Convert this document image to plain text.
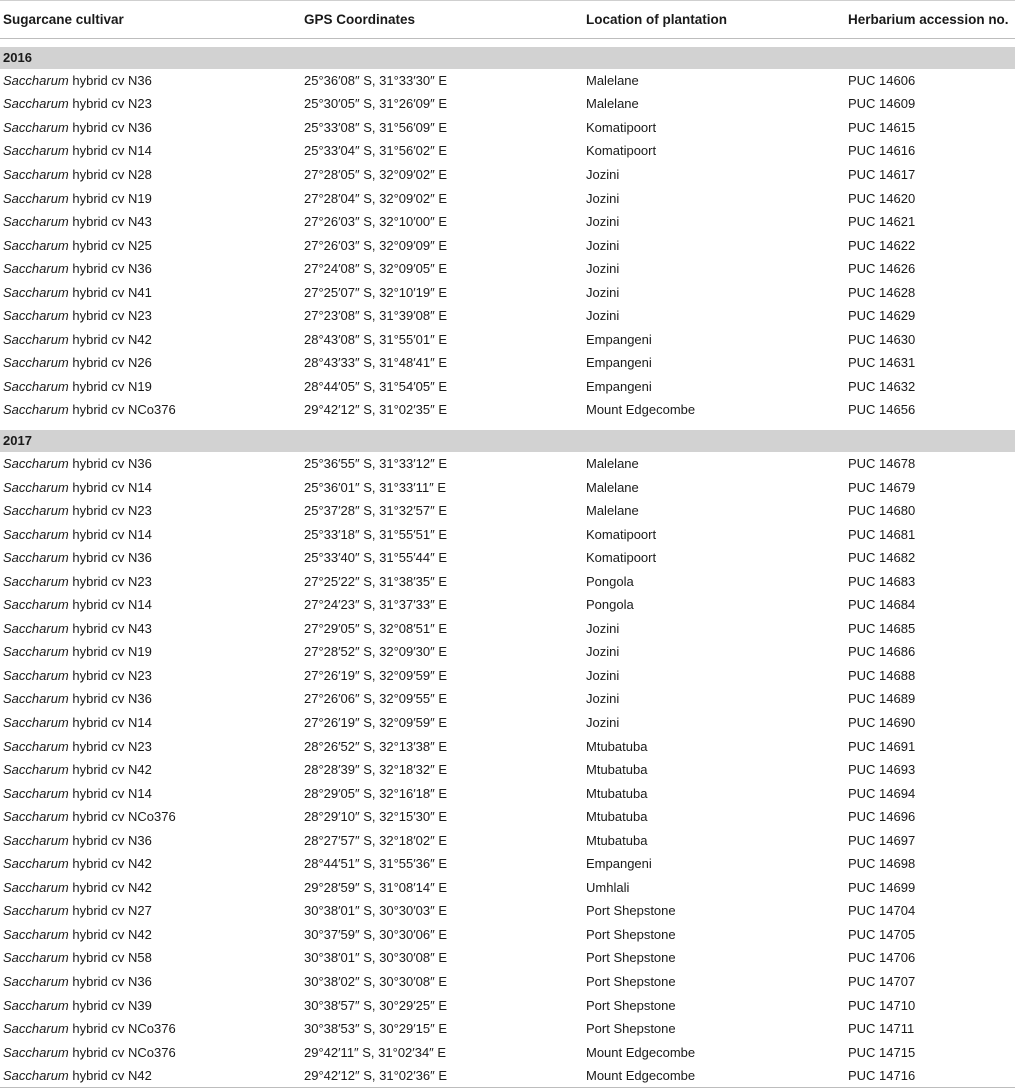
Sugarcane cultivar	GPS Coordinates	Location of plantation	Herbarium accession no.

2016			
Saccharum hybrid cv N36	25°36′08″ S, 31°33′30″ E	Malelane	PUC 14606
Saccharum hybrid cv N23	25°30′05″ S, 31°26′09″ E	Malelane	PUC 14609
Saccharum hybrid cv N36	25°33′08″ S, 31°56′09″ E	Komatipoort	PUC 14615
Saccharum hybrid cv N14	25°33′04″ S, 31°56′02″ E	Komatipoort	PUC 14616
Saccharum hybrid cv N28	27°28′05″ S, 32°09′02″ E	Jozini	PUC 14617
Saccharum hybrid cv N19	27°28′04″ S, 32°09′02″ E	Jozini	PUC 14620
Saccharum hybrid cv N43	27°26′03″ S, 32°10′00″ E	Jozini	PUC 14621
Saccharum hybrid cv N25	27°26′03″ S, 32°09′09″ E	Jozini	PUC 14622
Saccharum hybrid cv N36	27°24′08″ S, 32°09′05″ E	Jozini	PUC 14626
Saccharum hybrid cv N41	27°25′07″ S, 32°10′19″ E	Jozini	PUC 14628
Saccharum hybrid cv N23	27°23′08″ S, 31°39′08″ E	Jozini	PUC 14629
Saccharum hybrid cv N42	28°43′08″ S, 31°55′01″ E	Empangeni	PUC 14630
Saccharum hybrid cv N26	28°43′33″ S, 31°48′41″ E	Empangeni	PUC 14631
Saccharum hybrid cv N19	28°44′05″ S, 31°54′05″ E	Empangeni	PUC 14632
Saccharum hybrid cv NCo376	29°42′12″ S, 31°02′35″ E	Mount Edgecombe	PUC 14656

2017			
Saccharum hybrid cv N36	25°36′55″ S, 31°33′12″ E	Malelane	PUC 14678
Saccharum hybrid cv N14	25°36′01″ S, 31°33′11″ E	Malelane	PUC 14679
Saccharum hybrid cv N23	25°37′28″ S, 31°32′57″ E	Malelane	PUC 14680
Saccharum hybrid cv N14	25°33′18″ S, 31°55′51″ E	Komatipoort	PUC 14681
Saccharum hybrid cv N36	25°33′40″ S, 31°55′44″ E	Komatipoort	PUC 14682
Saccharum hybrid cv N23	27°25′22″ S, 31°38′35″ E	Pongola	PUC 14683
Saccharum hybrid cv N14	27°24′23″ S, 31°37′33″ E	Pongola	PUC 14684
Saccharum hybrid cv N43	27°29′05″ S, 32°08′51″ E	Jozini	PUC 14685
Saccharum hybrid cv N19	27°28′52″ S, 32°09′30″ E	Jozini	PUC 14686
Saccharum hybrid cv N23	27°26′19″ S, 32°09′59″ E	Jozini	PUC 14688
Saccharum hybrid cv N36	27°26′06″ S, 32°09′55″ E	Jozini	PUC 14689
Saccharum hybrid cv N14	27°26′19″ S, 32°09′59″ E	Jozini	PUC 14690
Saccharum hybrid cv N23	28°26′52″ S, 32°13′38″ E	Mtubatuba	PUC 14691
Saccharum hybrid cv N42	28°28′39″ S, 32°18′32″ E	Mtubatuba	PUC 14693
Saccharum hybrid cv N14	28°29′05″ S, 32°16′18″ E	Mtubatuba	PUC 14694
Saccharum hybrid cv NCo376	28°29′10″ S, 32°15′30″ E	Mtubatuba	PUC 14696
Saccharum hybrid cv N36	28°27′57″ S, 32°18′02″ E	Mtubatuba	PUC 14697
Saccharum hybrid cv N42	28°44′51″ S, 31°55′36″ E	Empangeni	PUC 14698
Saccharum hybrid cv N42	29°28′59″ S, 31°08′14″ E	Umhlali	PUC 14699
Saccharum hybrid cv N27	30°38′01″ S, 30°30′03″ E	Port Shepstone	PUC 14704
Saccharum hybrid cv N42	30°37′59″ S, 30°30′06″ E	Port Shepstone	PUC 14705
Saccharum hybrid cv N58	30°38′01″ S, 30°30′08″ E	Port Shepstone	PUC 14706
Saccharum hybrid cv N36	30°38′02″ S, 30°30′08″ E	Port Shepstone	PUC 14707
Saccharum hybrid cv N39	30°38′57″ S, 30°29′25″ E	Port Shepstone	PUC 14710
Saccharum hybrid cv NCo376	30°38′53″ S, 30°29′15″ E	Port Shepstone	PUC 14711
Saccharum hybrid cv NCo376	29°42′11″ S, 31°02′34″ E	Mount Edgecombe	PUC 14715
Saccharum hybrid cv N42	29°42′12″ S, 31°02′36″ E	Mount Edgecombe	PUC 14716
